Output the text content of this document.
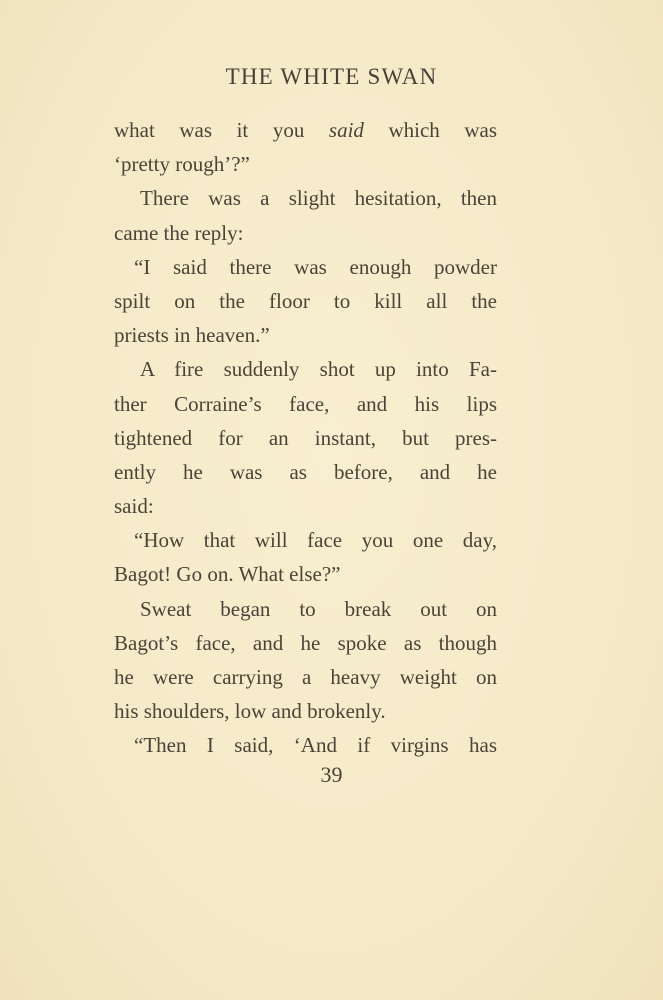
THE WHITE SWAN
what was it you said which was
‘pretty rough’?”
There was a slight hesitation, then
came the reply:
“I said there was enough powder
spilt on the floor to kill all the
priests in heaven.”
A fire suddenly shot up into Fa-
ther Corraine’s face, and his lips
tightened for an instant, but pres-
ently he was as before, and he
said:
“How that will face you one day,
Bagot! Go on. What else?”
Sweat began to break out on
Bagot’s face, and he spoke as though
he were carrying a heavy weight on
his shoulders, low and brokenly.
“Then I said, ‘And if virgins has
39
